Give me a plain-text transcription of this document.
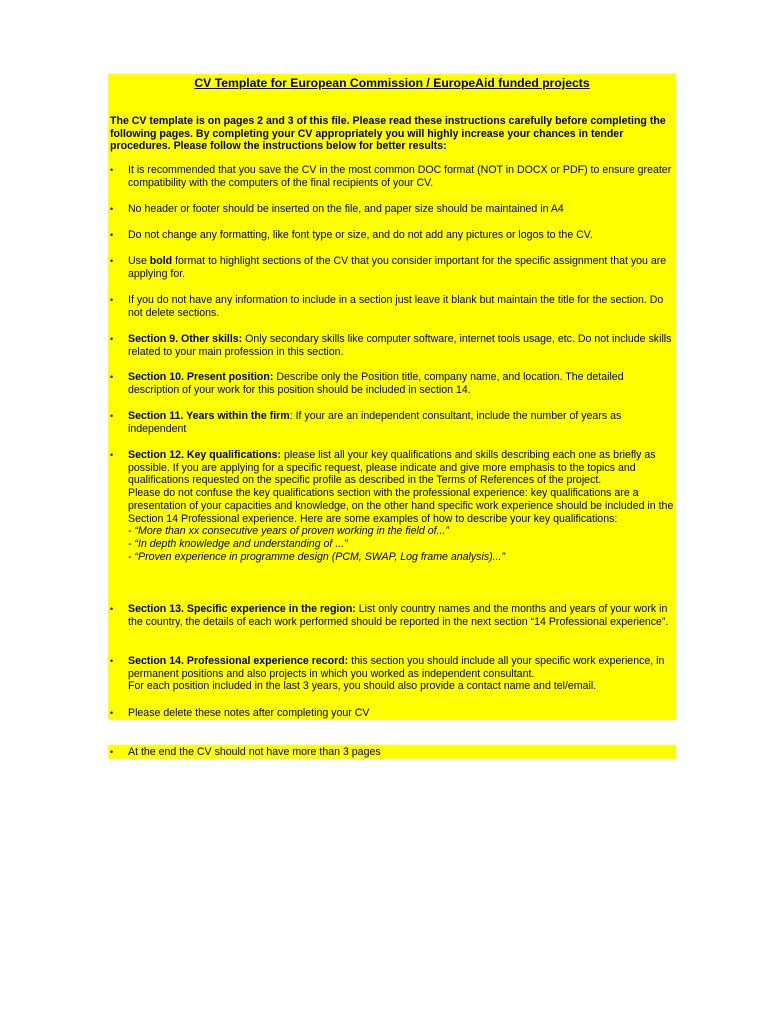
CV Template for European Commission / EuropeAid funded projects
The CV template is on pages 2 and 3 of this file. Please read these instructions carefully before completing the following pages. By completing your CV appropriately you will highly increase your chances in tender procedures. Please follow the instructions below for better results:
•	It is recommended that you save the CV in the most common DOC format (NOT in DOCX or PDF) to ensure greater compatibility with the computers of the final recipients of your CV.
•	No header or footer should be inserted on the file, and paper size should be maintained in A4
•	Do not change any formatting, like font type or size, and do not add any pictures or logos to the CV.
•	Use bold format to highlight sections of the CV that you consider important for the specific assignment that you are applying for.
•	If you do not have any information to include in a section just leave it blank but maintain the title for the section. Do not delete sections.
•	Section 9. Other skills: Only secondary skills like computer software, internet tools usage, etc. Do not include skills related to your main profession in this section.
•	Section 10. Present position: Describe only the Position title, company name, and location. The detailed description of your work for this position should be included in section 14.
•	Section 11. Years within the firm: If your are an independent consultant, include the number of years as independent
•	Section 12. Key qualifications: please list all your key qualifications and skills describing each one as briefly as possible. If you are applying for a specific request, please indicate and give more emphasis to the topics and qualifications requested on the specific profile as described in the Terms of References of the project.
Please do not confuse the key qualifications section with the professional experience: key qualifications are a presentation of your capacities and knowledge, on the other hand specific work experience should be included in the Section 14 Professional experience. Here are some examples of how to describe your key qualifications:
- “More than xx consecutive years of proven working in the field of...”
- “In depth knowledge and understanding of ...”
- “Proven experience in programme design (PCM, SWAP, Log frame analysis)...”
•	Section 13. Specific experience in the region: List only country names and the months and years of your work in the country, the details of each work performed should be reported in the next section “14 Professional experience”.
•	Section 14. Professional experience record: this section you should include all your specific work experience, in permanent positions and also projects in which you worked as independent consultant.
For each position included in the last 3 years, you should also provide a contact name and tel/email.
•	Please delete these notes after completing your CV
•	At the end the CV should not have more than 3 pages
